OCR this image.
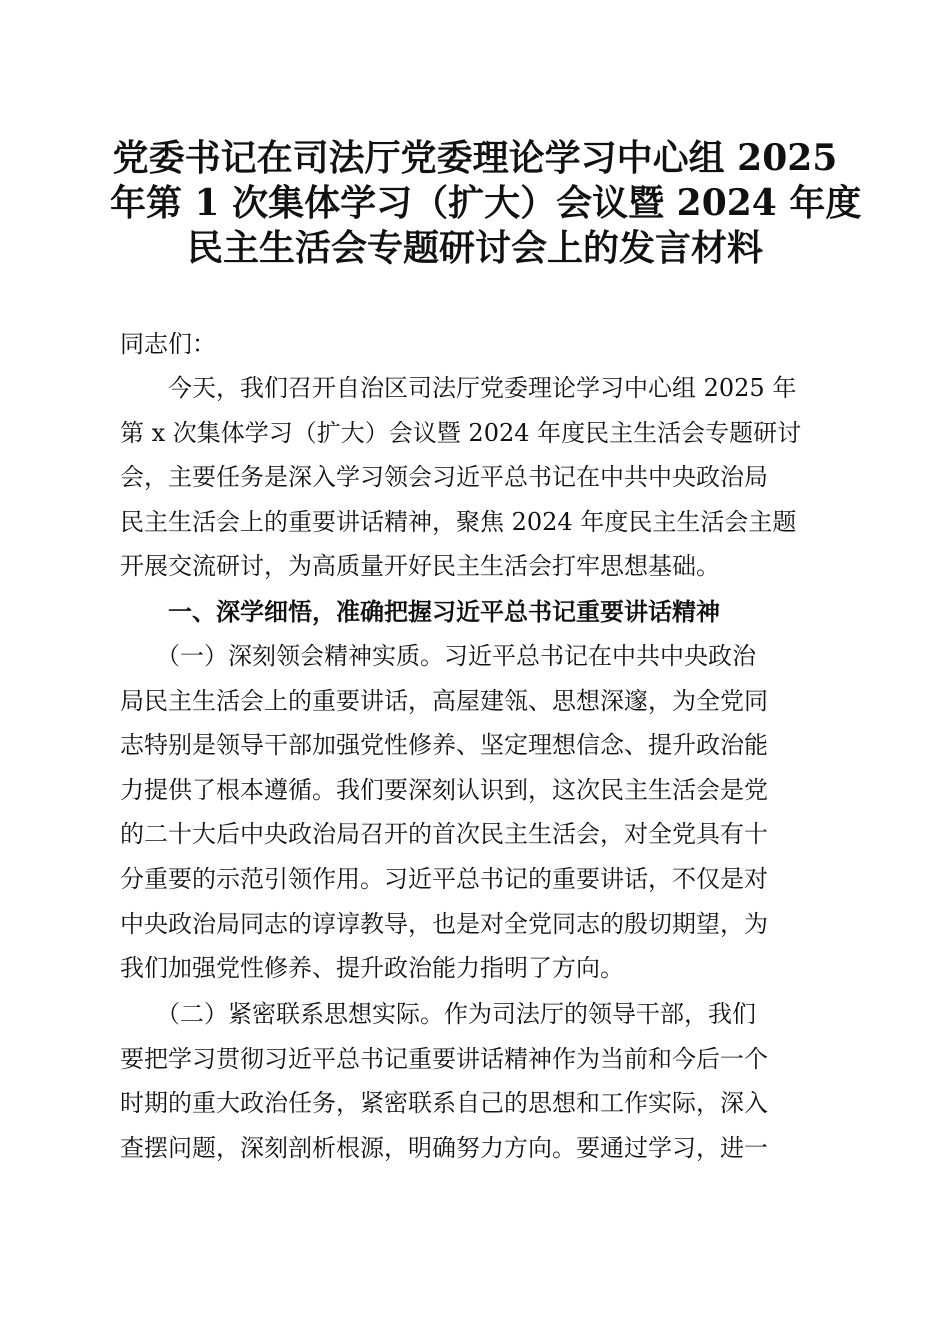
党委书记在司法厅党委理论学习中心组 2025
年第 1 次集体学习（扩大）会议暨 2024 年度
民主生活会专题研讨会上的发言材料
同志们：
　　今天，我们召开自治区司法厅党委理论学习中心组 2025 年
第 x 次集体学习（扩大）会议暨 2024 年度民主生活会专题研讨
会，主要任务是深入学习领会习近平总书记在中共中央政治局
民主生活会上的重要讲话精神，聚焦 2024 年度民主生活会主题
开展交流研讨，为高质量开好民主生活会打牢思想基础。
　　一、深学细悟，准确把握习近平总书记重要讲话精神
　　（一）深刻领会精神实质。习近平总书记在中共中央政治
局民主生活会上的重要讲话，高屋建瓴、思想深邃，为全党同
志特别是领导干部加强党性修养、坚定理想信念、提升政治能
力提供了根本遵循。我们要深刻认识到，这次民主生活会是党
的二十大后中央政治局召开的首次民主生活会，对全党具有十
分重要的示范引领作用。习近平总书记的重要讲话，不仅是对
中央政治局同志的谆谆教导，也是对全党同志的殷切期望，为
我们加强党性修养、提升政治能力指明了方向。
　　（二）紧密联系思想实际。作为司法厅的领导干部，我们
要把学习贯彻习近平总书记重要讲话精神作为当前和今后一个
时期的重大政治任务，紧密联系自己的思想和工作实际，深入
查摆问题，深刻剖析根源，明确努力方向。要通过学习，进一
